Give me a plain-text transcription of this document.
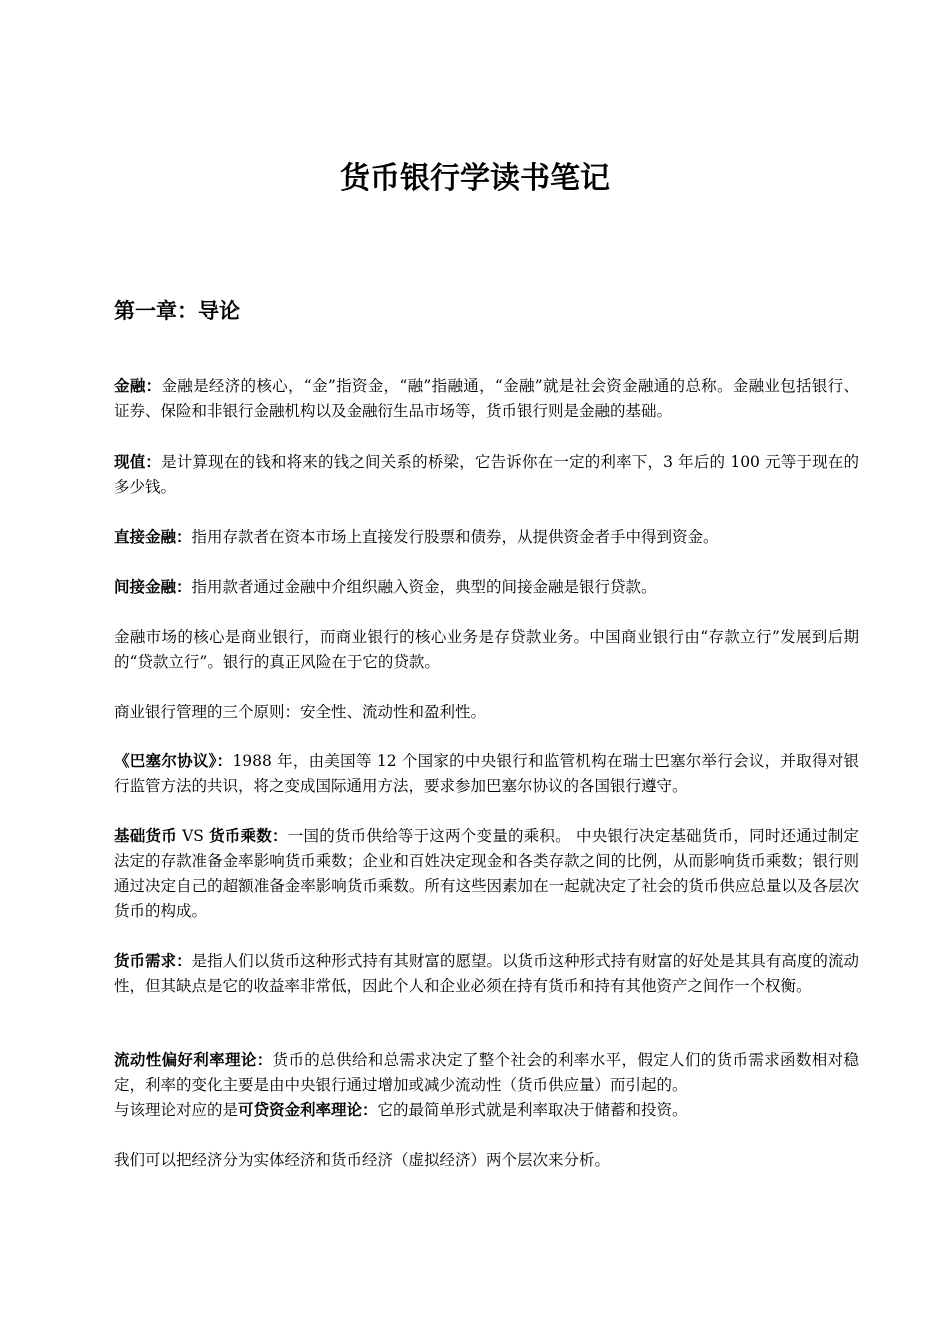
货币银行学读书笔记
第一章：导论

金融：金融是经济的核心，“金”指资金，“融”指融通，“金融”就是社会资金融通的总称。金融业包括银行、证券、保险和非银行金融机构以及金融衍生品市场等，货币银行则是金融的基础。

现值：是计算现在的钱和将来的钱之间关系的桥梁，它告诉你在一定的利率下，3 年后的 100 元等于现在的多少钱。

直接金融：指用存款者在资本市场上直接发行股票和债券，从提供资金者手中得到资金。

间接金融：指用款者通过金融中介组织融入资金，典型的间接金融是银行贷款。

金融市场的核心是商业银行，而商业银行的核心业务是存贷款业务。中国商业银行由“存款立行”发展到后期的“贷款立行”。银行的真正风险在于它的贷款。

商业银行管理的三个原则：安全性、流动性和盈利性。

《巴塞尔协议》：1988 年，由美国等 12 个国家的中央银行和监管机构在瑞士巴塞尔举行会议，并取得对银行监管方法的共识，将之变成国际通用方法，要求参加巴塞尔协议的各国银行遵守。

基础货币 VS 货币乘数：一国的货币供给等于这两个变量的乘积。 中央银行决定基础货币，同时还通过制定法定的存款准备金率影响货币乘数；企业和百姓决定现金和各类存款之间的比例，从而影响货币乘数；银行则通过决定自己的超额准备金率影响货币乘数。所有这些因素加在一起就决定了社会的货币供应总量以及各层次货币的构成。

货币需求：是指人们以货币这种形式持有其财富的愿望。以货币这种形式持有财富的好处是其具有高度的流动性，但其缺点是它的收益率非常低，因此个人和企业必须在持有货币和持有其他资产之间作一个权衡。

流动性偏好利率理论：货币的总供给和总需求决定了整个社会的利率水平，假定人们的货币需求函数相对稳定，利率的变化主要是由中央银行通过增加或减少流动性（货币供应量）而引起的。

与该理论对应的是可贷资金利率理论：它的最简单形式就是利率取决于储蓄和投资。

我们可以把经济分为实体经济和货币经济（虚拟经济）两个层次来分析。
